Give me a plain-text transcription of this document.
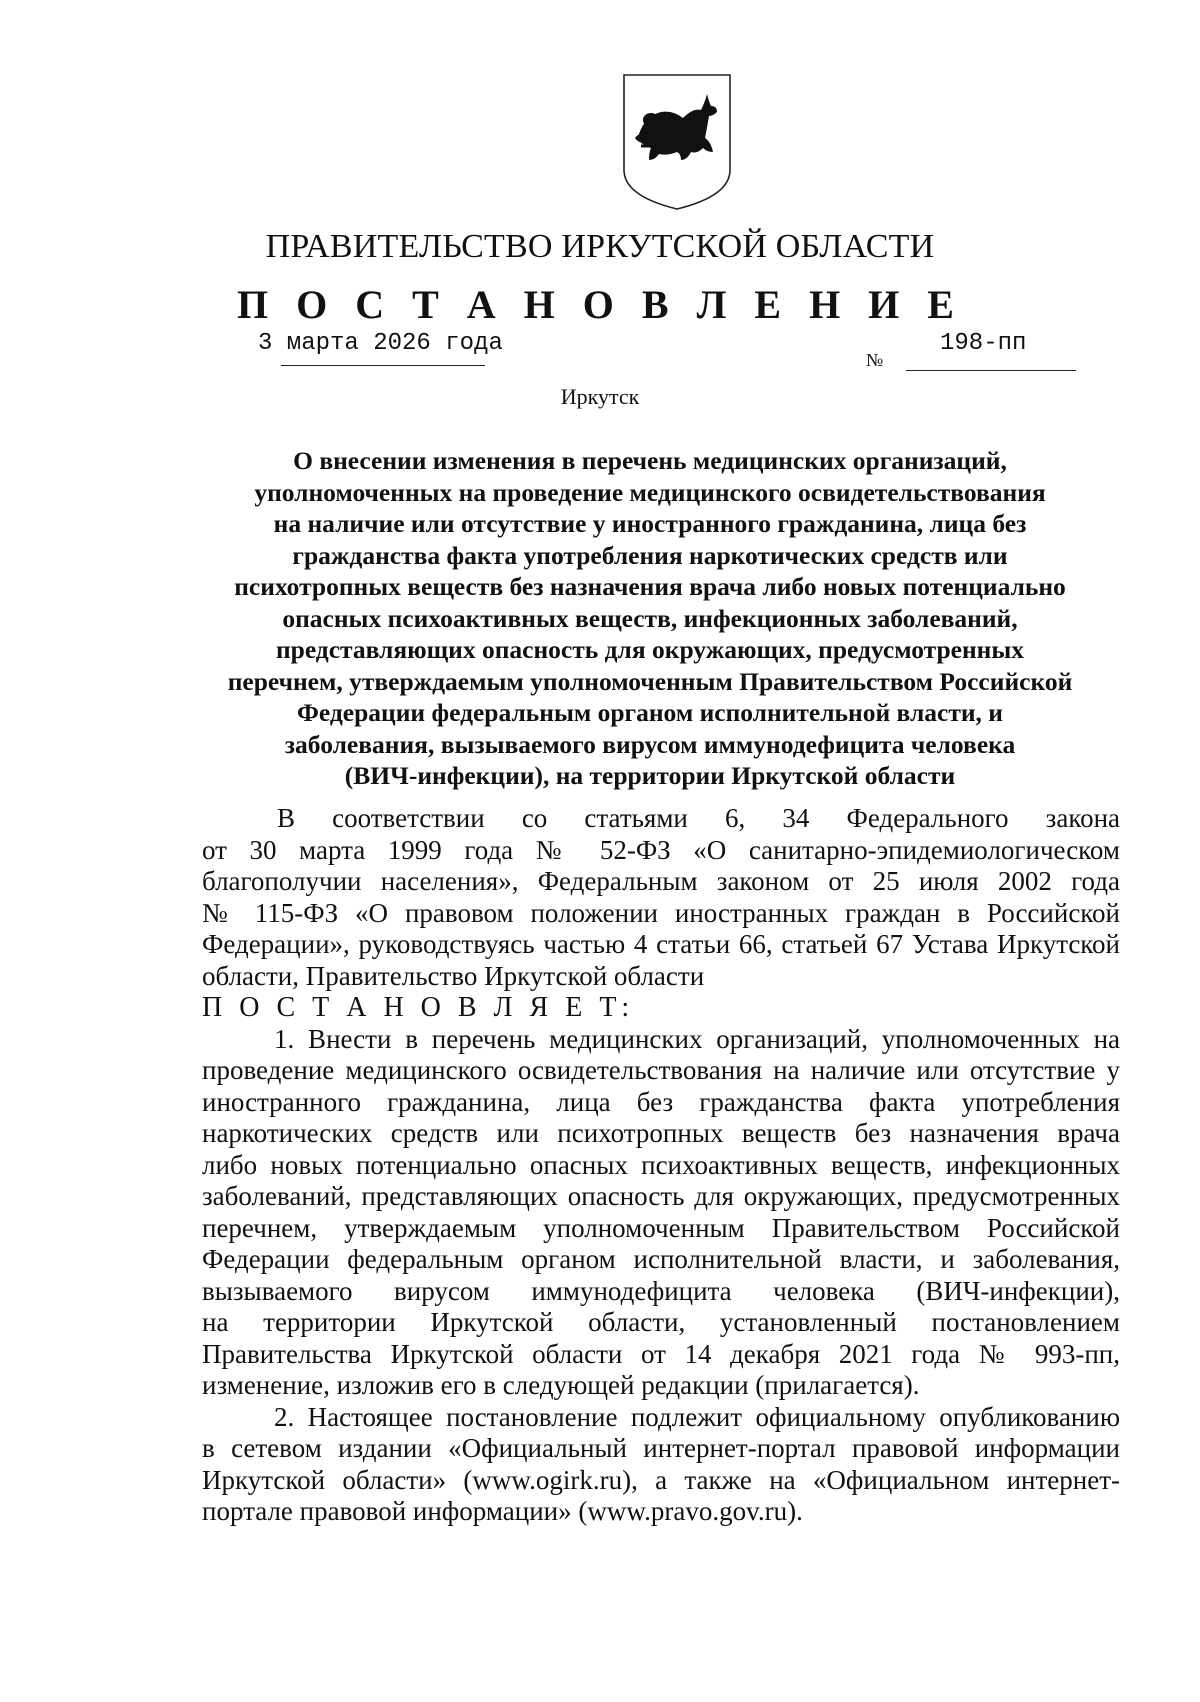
ПРАВИТЕЛЬСТВО ИРКУТСКОЙ ОБЛАСТИ
П О С Т А Н О В Л Е Н И Е
3 марта 2026 года
№
198-пп
Иркутск
О внесении изменения в перечень медицинских организаций,
уполномоченных на проведение медицинского освидетельствования
на наличие или отсутствие у иностранного гражданина, лица без
гражданства факта употребления наркотических средств или
психотропных веществ без назначения врача либо новых потенциально
опасных психоактивных веществ, инфекционных заболеваний,
представляющих опасность для окружающих, предусмотренных
перечнем, утверждаемым уполномоченным Правительством Российской
Федерации федеральным органом исполнительной власти, и
заболевания, вызываемого вирусом иммунодефицита человека
(ВИЧ-инфекции), на территории Иркутской области
В соответствии со статьями 6, 34 Федерального закона
от 30 марта 1999 года № 52-ФЗ «О санитарно-эпидемиологическом
благополучии населения», Федеральным законом от 25 июля 2002 года
№ 115-ФЗ «О правовом положении иностранных граждан в Российской
Федерации», руководствуясь частью 4 статьи 66, статьей 67 Устава Иркутской
области, Правительство Иркутской области
П О С Т А Н О В Л Я Е Т:
1. Внести в перечень медицинских организаций, уполномоченных на
проведение медицинского освидетельствования на наличие или отсутствие у
иностранного гражданина, лица без гражданства факта употребления
наркотических средств или психотропных веществ без назначения врача
либо новых потенциально опасных психоактивных веществ, инфекционных
заболеваний, представляющих опасность для окружающих, предусмотренных
перечнем, утверждаемым уполномоченным Правительством Российской
Федерации федеральным органом исполнительной власти, и заболевания,
вызываемого вирусом иммунодефицита человека (ВИЧ-инфекции),
на территории Иркутской области, установленный постановлением
Правительства Иркутской области от 14 декабря 2021 года № 993-пп,
изменение, изложив его в следующей редакции (прилагается).
2. Настоящее постановление подлежит официальному опубликованию
в сетевом издании «Официальный интернет-портал правовой информации
Иркутской области» (www.ogirk.ru), а также на «Официальном интернет-
портале правовой информации» (www.pravo.gov.ru).
